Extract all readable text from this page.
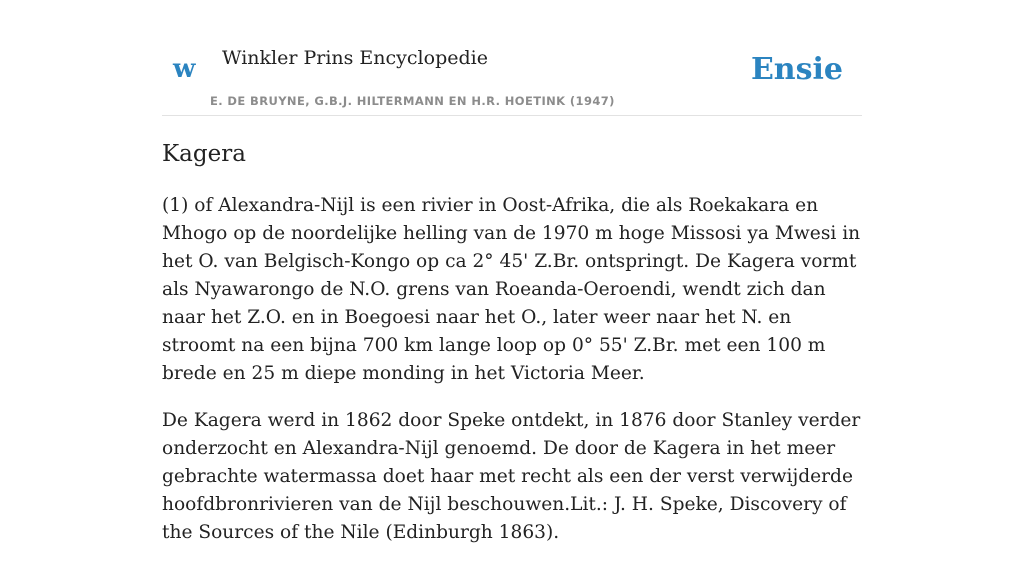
w Winkler Prins Encyclopedie
E. DE BRUYNE, G.B.J. HILTERMANN EN H.R. HOETINK (1947)
Ensie
Kagera

(1) of Alexandra-Nijl is een rivier in Oost-Afrika, die als Roekakara en Mhogo op de noordelijke helling van de 1970 m hoge Missosi ya Mwesi in het O. van Belgisch-Kongo op ca 2° 45' Z.Br. ontspringt. De Kagera vormt als Nyawarongo de N.O. grens van Roeanda-Oeroendi, wendt zich dan naar het Z.O. en in Boegoesi naar het O., later weer naar het N. en stroomt na een bijna 700 km lange loop op 0° 55' Z.Br. met een 100 m brede en 25 m diepe monding in het Victoria Meer.

De Kagera werd in 1862 door Speke ontdekt, in 1876 door Stanley verder onderzocht en Alexandra-Nijl genoemd. De door de Kagera in het meer gebrachte watermassa doet haar met recht als een der verst verwijderde hoofdbronrivieren van de Nijl beschouwen.Lit.: J. H. Speke, Discovery of the Sources of the Nile (Edinburgh 1863).
